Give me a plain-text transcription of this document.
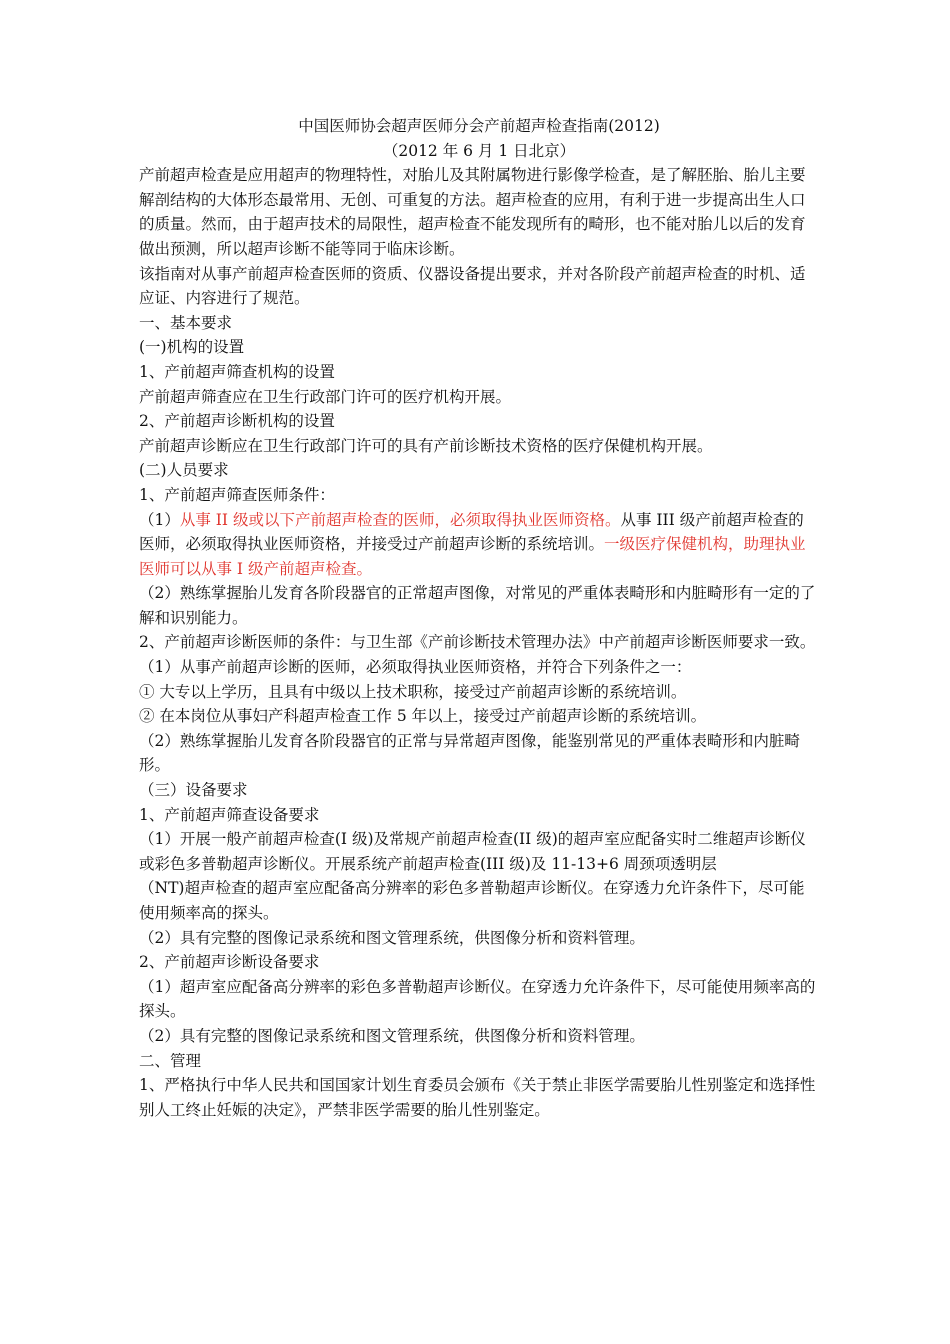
中国医师协会超声医师分会产前超声检查指南(2012)
（2012 年 6 月 1 日北京）

产前超声检查是应用超声的物理特性，对胎儿及其附属物进行影像学检查，是了解胚胎、胎儿主要解剖结构的大体形态最常用、无创、可重复的方法。超声检查的应用，有利于进一步提高出生人口的质量。然而，由于超声技术的局限性，超声检查不能发现所有的畸形，也不能对胎儿以后的发育做出预测，所以超声诊断不能等同于临床诊断。

该指南对从事产前超声检查医师的资质、仪器设备提出要求，并对各阶段产前超声检查的时机、适应证、内容进行了规范。

一、基本要求

(一)机构的设置

1、产前超声筛查机构的设置

产前超声筛查应在卫生行政部门许可的医疗机构开展。

2、产前超声诊断机构的设置

产前超声诊断应在卫生行政部门许可的具有产前诊断技术资格的医疗保健机构开展。

(二)人员要求

1、产前超声筛查医师条件：

（1）从事 II 级或以下产前超声检查的医师，必须取得执业医师资格。从事 III 级产前超声检查的医师，必须取得执业医师资格，并接受过产前超声诊断的系统培训。一级医疗保健机构，助理执业医师可以从事 I 级产前超声检查。

（2）熟练掌握胎儿发育各阶段器官的正常超声图像，对常见的严重体表畸形和内脏畸形有一定的了解和识别能力。

2、产前超声诊断医师的条件：与卫生部《产前诊断技术管理办法》中产前超声诊断医师要求一致。

（1）从事产前超声诊断的医师，必须取得执业医师资格，并符合下列条件之一：

① 大专以上学历，且具有中级以上技术职称，接受过产前超声诊断的系统培训。

② 在本岗位从事妇产科超声检查工作 5 年以上，接受过产前超声诊断的系统培训。

（2）熟练掌握胎儿发育各阶段器官的正常与异常超声图像，能鉴别常见的严重体表畸形和内脏畸形。

（三）设备要求

1、产前超声筛查设备要求

（1）开展一般产前超声检查(I 级)及常规产前超声检查(II 级)的超声室应配备实时二维超声诊断仪或彩色多普勒超声诊断仪。开展系统产前超声检查(III 级)及 11-13+6 周颈项透明层

（NT)超声检查的超声室应配备高分辨率的彩色多普勒超声诊断仪。在穿透力允许条件下，尽可能使用频率高的探头。

（2）具有完整的图像记录系统和图文管理系统，供图像分析和资料管理。

2、产前超声诊断设备要求

（1）超声室应配备高分辨率的彩色多普勒超声诊断仪。在穿透力允许条件下，尽可能使用频率高的探头。

（2）具有完整的图像记录系统和图文管理系统，供图像分析和资料管理。

二、管理

1、严格执行中华人民共和国国家计划生育委员会颁布《关于禁止非医学需要胎儿性别鉴定和选择性别人工终止妊娠的决定》，严禁非医学需要的胎儿性别鉴定。
